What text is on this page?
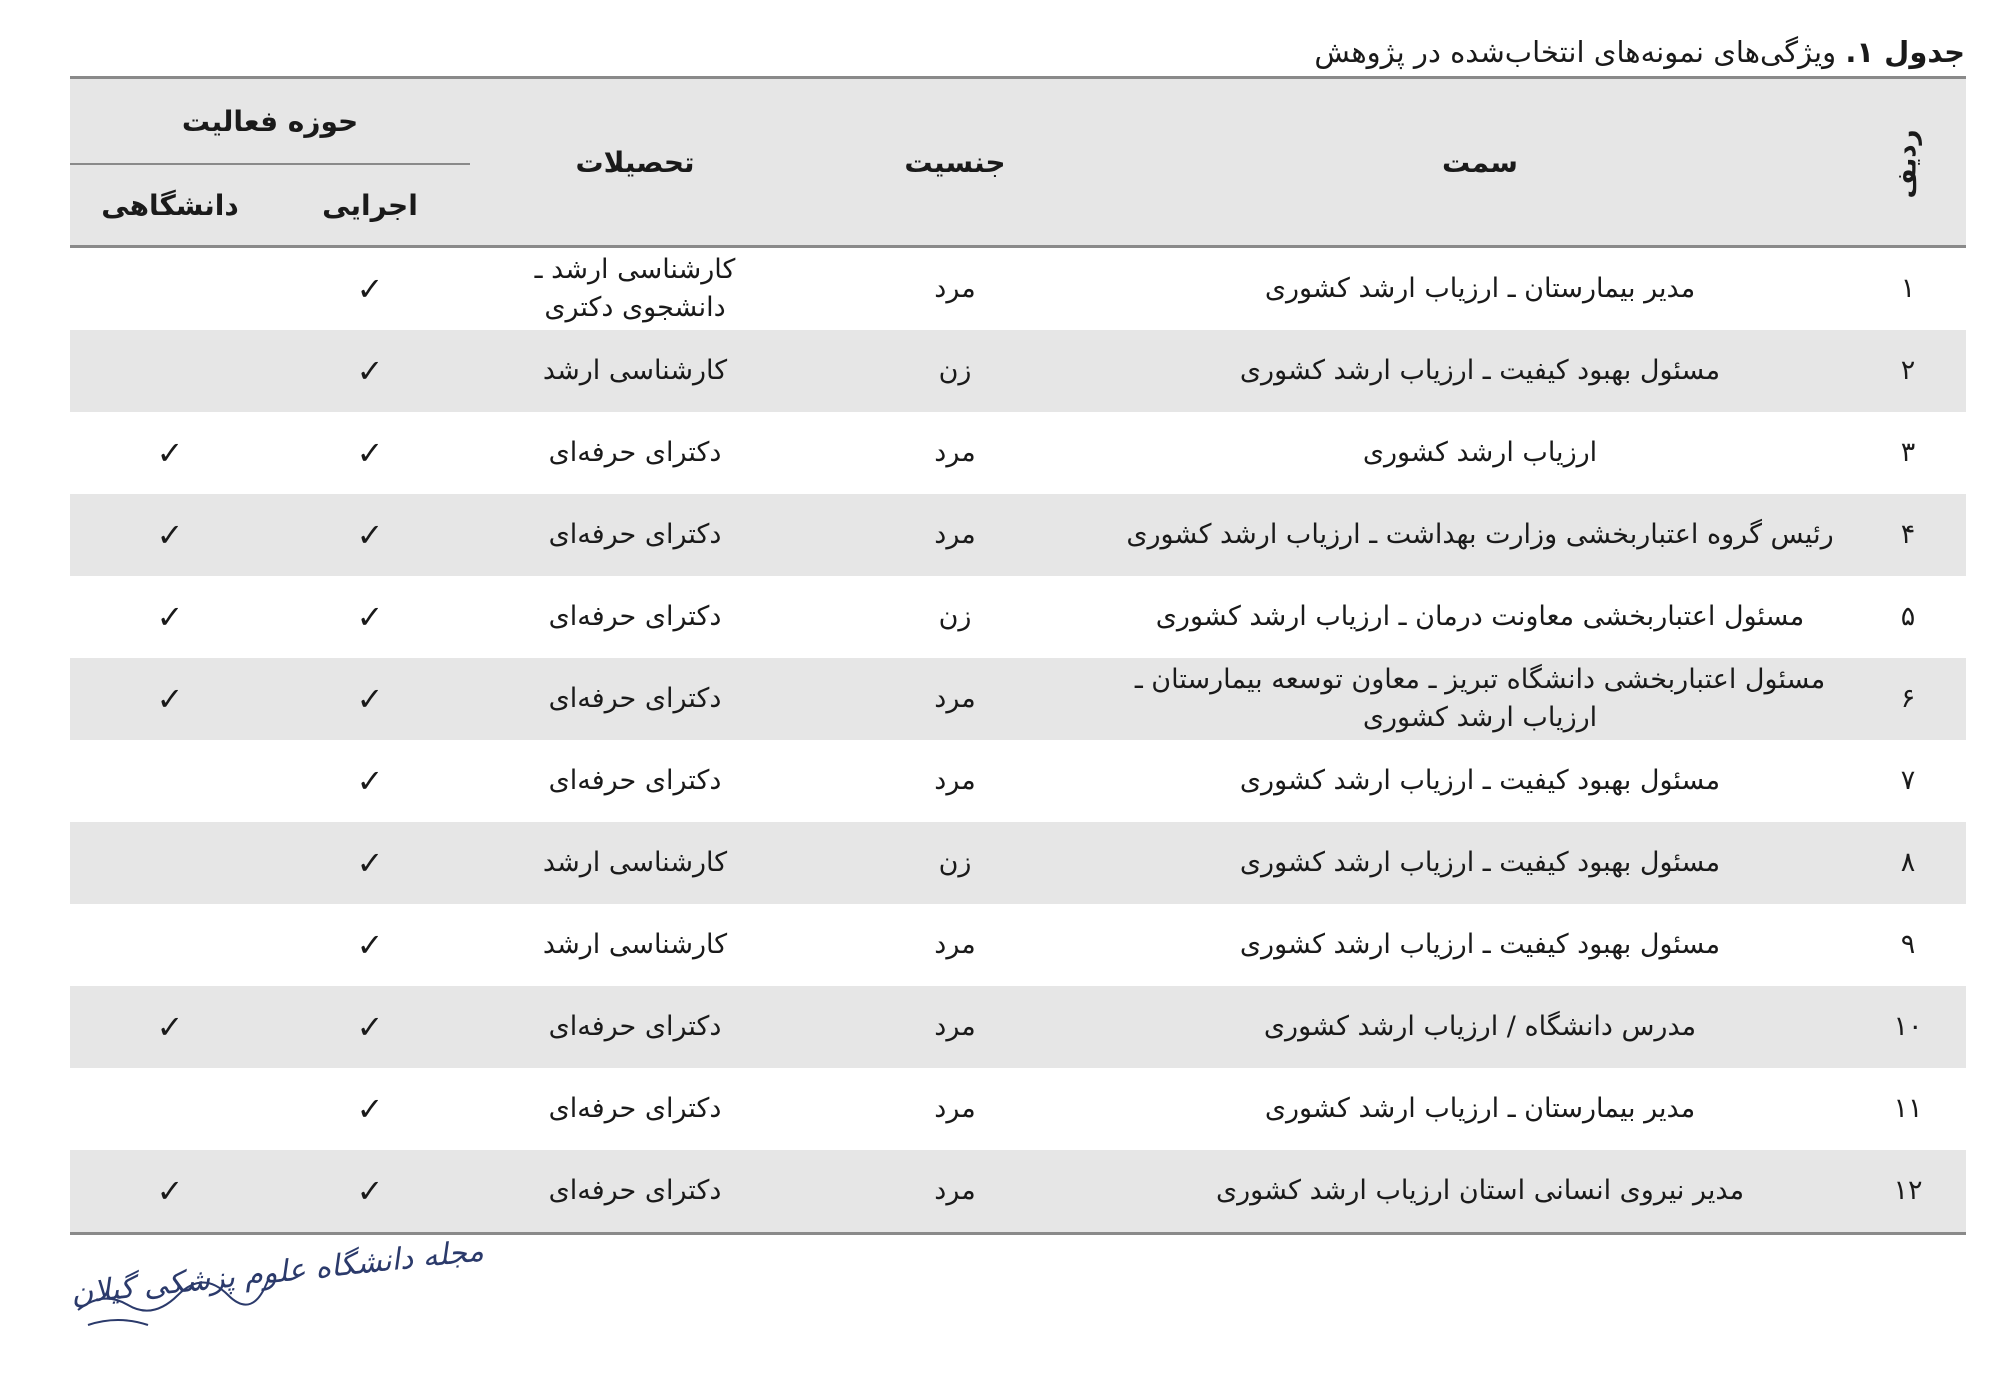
جدول ۱. ویژگی‌های نمونه‌های انتخاب‌شده در پژوهش
ردیف	سمت	جنسیت	تحصیلات	حوزه فعالیت	
				اجرایی	دانشگاهی
۱	مدیر بیمارستان ـ ارزیاب ارشد کشوری	مرد	کارشناسی ارشد ـ دانشجوی دکتری	✓	
۲	مسئول بهبود کیفیت ـ ارزیاب ارشد کشوری	زن	کارشناسی ارشد	✓	
۳	ارزیاب ارشد کشوری	مرد	دکترای حرفه‌ای	✓	✓
۴	رئیس گروه اعتباربخشی وزارت بهداشت ـ ارزیاب ارشد کشوری	مرد	دکترای حرفه‌ای	✓	✓
۵	مسئول اعتباربخشی معاونت درمان ـ ارزیاب ارشد کشوری	زن	دکترای حرفه‌ای	✓	✓
۶	مسئول اعتباربخشی دانشگاه تبریز ـ معاون توسعه بیمارستان ـ ارزیاب ارشد کشوری	مرد	دکترای حرفه‌ای	✓	✓
۷	مسئول بهبود کیفیت ـ ارزیاب ارشد کشوری	مرد	دکترای حرفه‌ای	✓	
۸	مسئول بهبود کیفیت ـ ارزیاب ارشد کشوری	زن	کارشناسی ارشد	✓	
۹	مسئول بهبود کیفیت ـ ارزیاب ارشد کشوری	مرد	کارشناسی ارشد	✓	
۱۰	مدرس دانشگاه / ارزیاب ارشد کشوری	مرد	دکترای حرفه‌ای	✓	✓
۱۱	مدیر بیمارستان ـ ارزیاب ارشد کشوری	مرد	دکترای حرفه‌ای	✓	
۱۲	مدیر نیروی انسانی استان ارزیاب ارشد کشوری	مرد	دکترای حرفه‌ای	✓	✓
مجله دانشگاه علوم پزشکی گیلان
